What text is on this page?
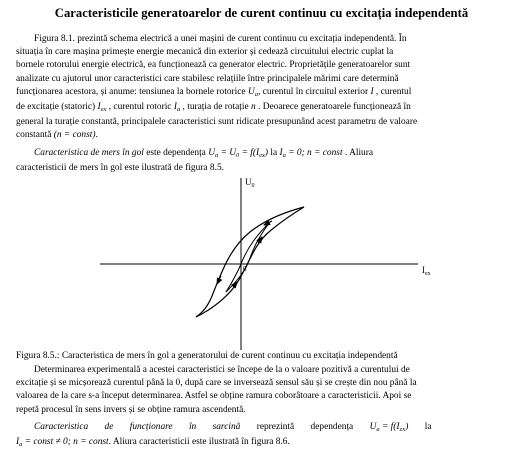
Caracteristicile generatoarelor de curent continuu cu excitația independentă
Figura 8.1. prezintă schema electrică a unei mașini de curent continuu cu excitația independentă. În
situația în care mașina primește energie mecanică din exterior și cedează circuitului electric cuplat la
bornele rotorului energie electrică, ea funcționează ca generator electric. Proprietățile generatoarelor sunt
analizate cu ajutorul unor caracteristici care stabilesc relațiile între principalele mărimi care determină
funcționarea acestora, și anume: tensiunea la bornele rotorice $U_a$, curentul în circuitul exterior I , curentul
de excitație (statoric) $I_{ex}$ , curentul rotoric $I_a$ , turația de rotație n . Deoarece generatoarele funcționează în
general la turație constantă, principalele caracteristici sunt ridicate presupunând acest parametru de valoare
constantă (n = const).
Caracteristica de mers în gol este dependența $U_a = U_0 = f(I_{ex})$ la $I_a = 0$; n = const . Aliura
caracteristicii de mers în gol este ilustrată de figura 8.5.
$U_0$
$I_{ex}$
0
Figura 8.5.: Caracteristica de mers în gol a generatorului de curent continuu cu excitația independentă
Determinarea experimentală a acestei caracteristici se începe de la o valoare pozitivă a curentului de
excitație și se micșorează curentul până la 0, după care se inversează sensul său și se crește din nou până la
valoarea de la care s-a început determinarea. Astfel se obține ramura coborâtoare a caracteristicii. Apoi se
repetă procesul în sens invers și se obține ramura ascendentă.
Caracteristica de funcționare în sarcină reprezintă dependența $U_a = f(I_{ex})$ la
$I_a$ = const ≠ 0; n = const. Aliura caracteristicii este ilustrată în figura 8.6.
